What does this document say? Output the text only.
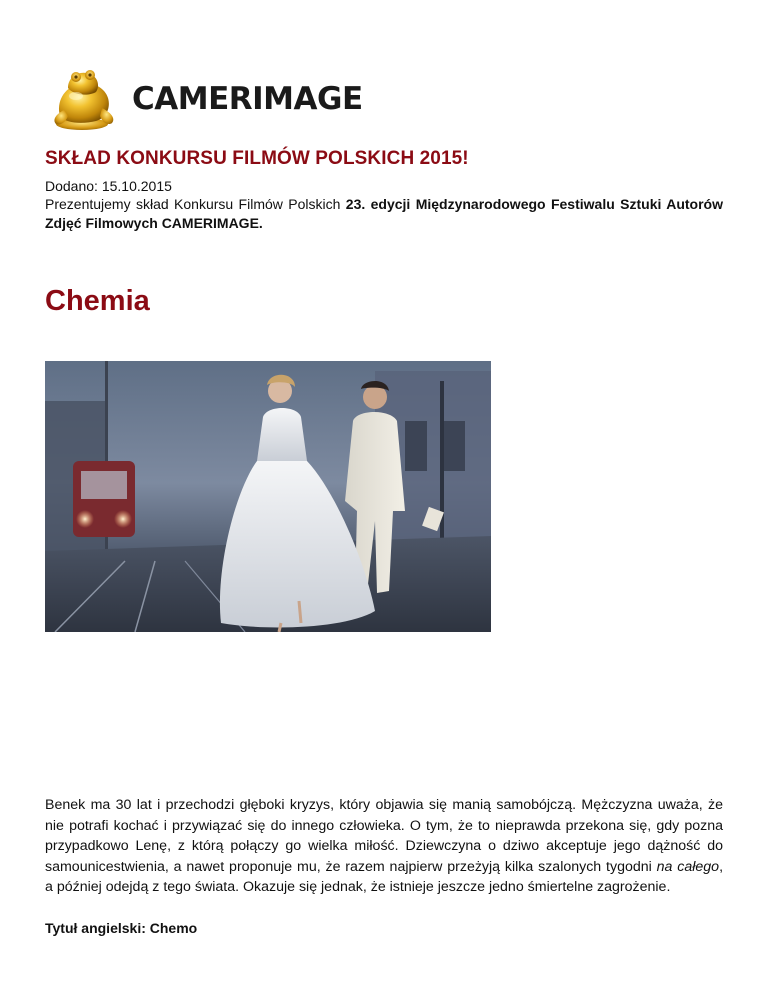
CAMERIMAGE
SKŁAD KONKURSU FILMÓW POLSKICH 2015!
Dodano: 15.10.2015

Prezentujemy skład Konkursu Filmów Polskich 23. edycji Międzynarodowego Festiwalu Sztuki Autorów Zdjęć Filmowych CAMERIMAGE.

Chemia

Benek ma 30 lat i przechodzi głęboki kryzys, który objawia się manią samobójczą. Mężczyzna uważa, że nie potrafi kochać i przywiązać się do innego człowieka. O tym, że to nieprawda przekona się, gdy pozna przypadkowo Lenę, z którą połączy go wielka miłość. Dziewczyna o dziwo akceptuje jego dążność do samounicestwienia, a nawet proponuje mu, że razem najpierw przeżyją kilka szalonych tygodni na całego, a później odejdą z tego świata. Okazuje się jednak, że istnieje jeszcze jedno śmiertelne zagrożenie.

Tytuł angielski: Chemo
